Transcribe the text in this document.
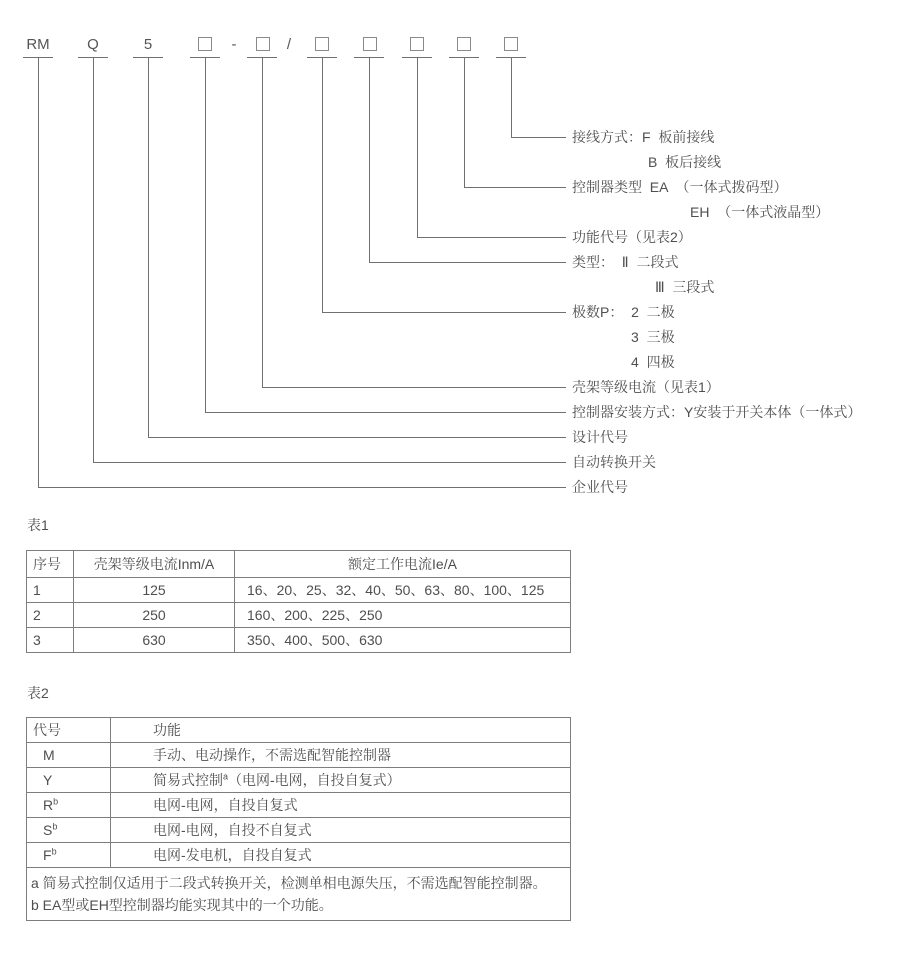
RM	Q	5	-	/
接线方式：F  板前接线
B  板后接线
控制器类型  EA  （一体式拨码型）
EH  （一体式液晶型）
功能代号（见表2）
类型：  Ⅱ  二段式
Ⅲ  三段式
极数P：  2  二极
3  三极
4  四极
壳架等级电流（见表1）
控制器安装方式：Y安装于开关本体（一体式）
设计代号
自动转换开关
企业代号
表1
序号	壳架等级电流Inm/A	额定工作电流Ie/A
1	125	16、20、25、32、40、50、63、80、100、125
2	250	160、200、225、250
3	630	350、400、500、630
表2
代号	功能
M	手动、电动操作，不需选配智能控制器
Y	简易式控制$^a$（电网-电网，自投自复式）
$R^b$	电网-电网，自投自复式
$S^b$	电网-电网，自投不自复式
$F^b$	电网-发电机，自投自复式

a 简易式控制仅适用于二段式转换开关，检测单相电源失压，不需选配智能控制器。
b EA型或EH型控制器均能实现其中的一个功能。	
